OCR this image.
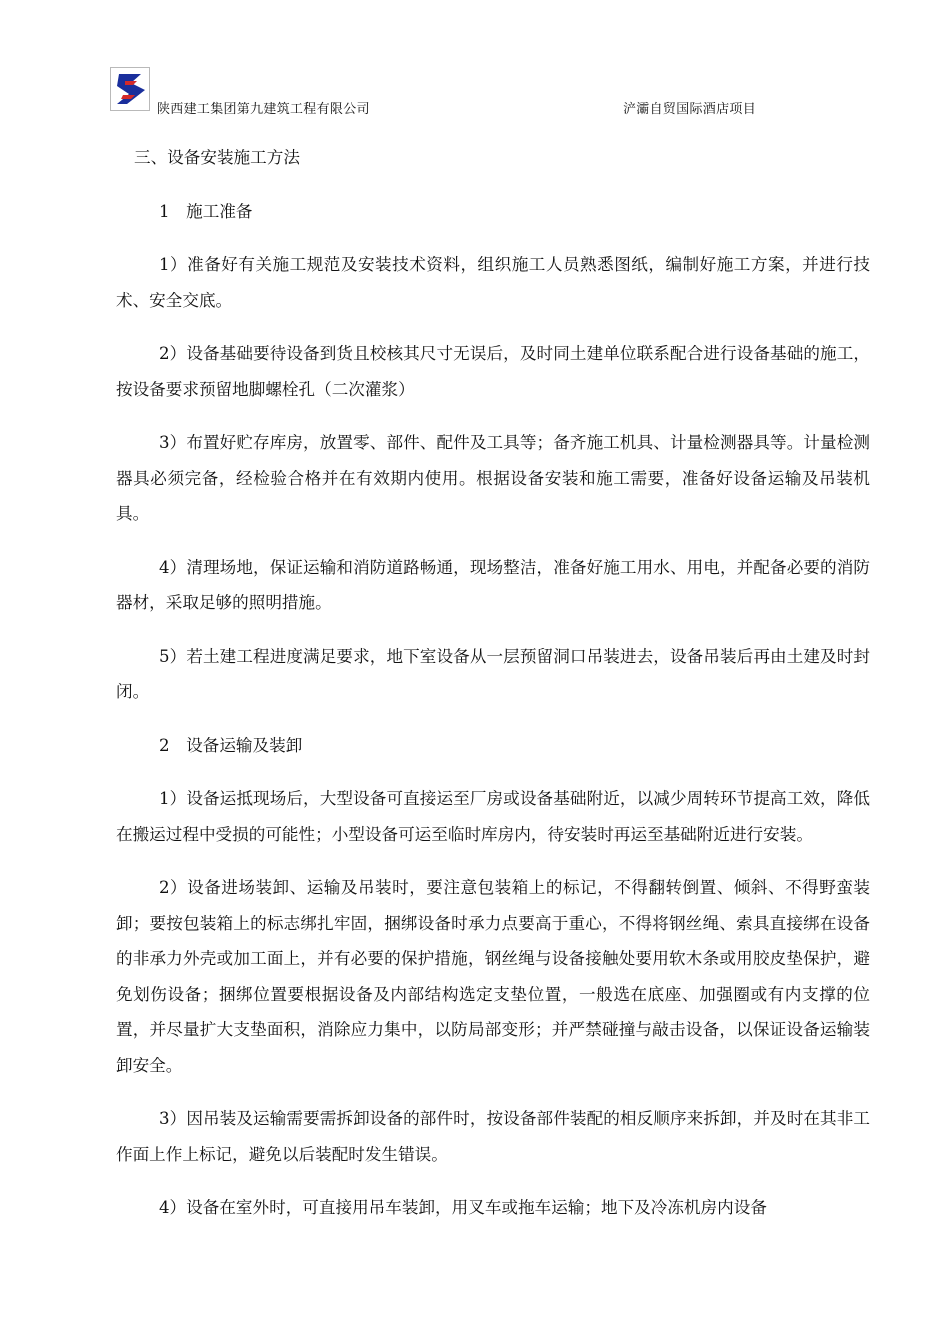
陕西建工集团第九建筑工程有限公司	浐灞自贸国际酒店项目

三、设备安装施工方法

1　施工准备

1）准备好有关施工规范及安装技术资料，组织施工人员熟悉图纸，编制好施工方案，并进行技术、安全交底。

2）设备基础要待设备到货且校核其尺寸无误后，及时同土建单位联系配合进行设备基础的施工，按设备要求预留地脚螺栓孔（二次灌浆）

3）布置好贮存库房，放置零、部件、配件及工具等；备齐施工机具、计量检测器具等。计量检测器具必须完备，经检验合格并在有效期内使用。根据设备安装和施工需要，准备好设备运输及吊装机具。

4）清理场地，保证运输和消防道路畅通，现场整洁，准备好施工用水、用电，并配备必要的消防器材，采取足够的照明措施。

5）若土建工程进度满足要求，地下室设备从一层预留洞口吊装进去，设备吊装后再由土建及时封闭。

2　设备运输及装卸

1）设备运抵现场后，大型设备可直接运至厂房或设备基础附近，以减少周转环节提高工效，降低在搬运过程中受损的可能性；小型设备可运至临时库房内，待安装时再运至基础附近进行安装。

2）设备进场装卸、运输及吊装时，要注意包装箱上的标记，不得翻转倒置、倾斜、不得野蛮装卸；要按包装箱上的标志绑扎牢固，捆绑设备时承力点要高于重心，不得将钢丝绳、索具直接绑在设备的非承力外壳或加工面上，并有必要的保护措施，钢丝绳与设备接触处要用软木条或用胶皮垫保护，避免划伤设备；捆绑位置要根据设备及内部结构选定支垫位置，一般选在底座、加强圈或有内支撑的位置，并尽量扩大支垫面积，消除应力集中，以防局部变形；并严禁碰撞与敲击设备，以保证设备运输装卸安全。

3）因吊装及运输需要需拆卸设备的部件时，按设备部件装配的相反顺序来拆卸，并及时在其非工作面上作上标记，避免以后装配时发生错误。

4）设备在室外时，可直接用吊车装卸，用叉车或拖车运输；地下及冷冻机房内设备
